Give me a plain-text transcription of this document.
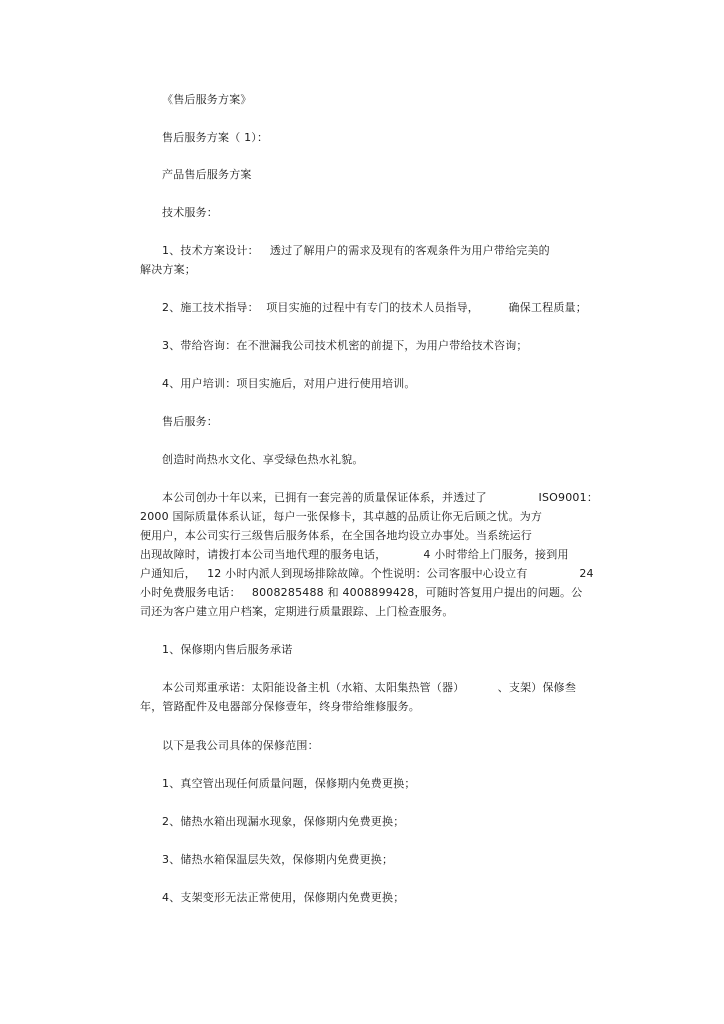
《售后服务方案》

售后服务方案（ 1）：

产品售后服务方案

技术服务：

1、技术方案设计：   透过了解用户的需求及现有的客观条件为用户带给完美的

解决方案；

2、施工技术指导：  项目实施的过程中有专门的技术人员指导，        确保工程质量；

3、带给咨询：在不泄漏我公司技术机密的前提下，为用户带给技术咨询；

4、用户培训：项目实施后，对用户进行使用培训。

售后服务：

创造时尚热水文化、享受绿色热水礼貌。

本公司创办十年以来，已拥有一套完善的质量保证体系，并透过了              ISO9001：

2000 国际质量体系认证，每户一张保修卡，其卓越的品质让你无后顾之忧。为方

便用户，本公司实行三级售后服务体系，在全国各地均设立办事处。当系统运行

出现故障时，请拨打本公司当地代理的服务电话，          4 小时带给上门服务，接到用

户通知后，   12 小时内派人到现场排除故障。个性说明：公司客服中心设立有              24

小时免费服务电话：   8008285488 和 4008899428，可随时答复用户提出的问题。公

司还为客户建立用户档案，定期进行质量跟踪、上门检查服务。

1、保修期内售后服务承诺

本公司郑重承诺：太阳能设备主机（水箱、太阳集热管（器）         、支架）保修叁

年，管路配件及电器部分保修壹年，终身带给维修服务。

以下是我公司具体的保修范围：

1、真空管出现任何质量问题，保修期内免费更换；

2、储热水箱出现漏水现象，保修期内免费更换；

3、储热水箱保温层失效，保修期内免费更换；

4、支架变形无法正常使用，保修期内免费更换；
